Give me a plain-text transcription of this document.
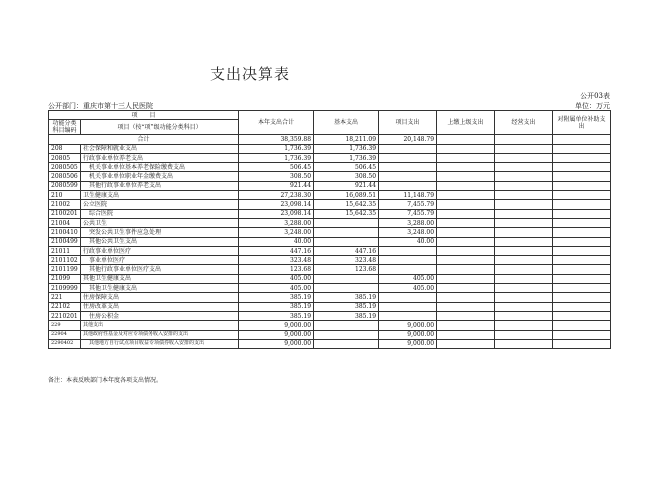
支出决算表
公开03表
公开部门：重庆市第十三人民医院	单位：万元
项　　目		本年支出合计	基本支出	项目支出	上缴上级支出	经营支出	对附属单位补助支出
功能分类科目编码	项目（按“项”级功能分类科目）						
合计		38,359.88	18,211.09	20,148.79			
208	社会保障和就业支出	1,736.39	1,736.39				
20805	行政事业单位养老支出	1,736.39	1,736.39				
2080505	机关事业单位基本养老保险缴费支出	506.45	506.45				
2080506	机关事业单位职业年金缴费支出	308.50	308.50				
2080599	其他行政事业单位养老支出	921.44	921.44				
210	卫生健康支出	27,238.30	16,089.51	11,148.79			
21002	公立医院	23,098.14	15,642.35	7,455.79			
2100201	综合医院	23,098.14	15,642.35	7,455.79			
21004	公共卫生	3,288.00		3,288.00			
2100410	突发公共卫生事件应急处理	3,248.00		3,248.00			
2100499	其他公共卫生支出	40.00		40.00			
21011	行政事业单位医疗	447.16	447.16				
2101102	事业单位医疗	323.48	323.48				
2101199	其他行政事业单位医疗支出	123.68	123.68				
21099	其他卫生健康支出	405.00		405.00			
2109999	其他卫生健康支出	405.00		405.00			
221	住房保障支出	385.19	385.19				
22102	住房改革支出	385.19	385.19				
2210201	住房公积金	385.19	385.19				
229	其他支出	9,000.00		9,000.00			
22904	其他政府性基金及对应专项债务收入安排的支出	9,000.00		9,000.00			
2290402	其他地方自行试点项目收益专项债券收入安排的支出	9,000.00		9,000.00			
备注：本表反映部门本年度各项支出情况。
